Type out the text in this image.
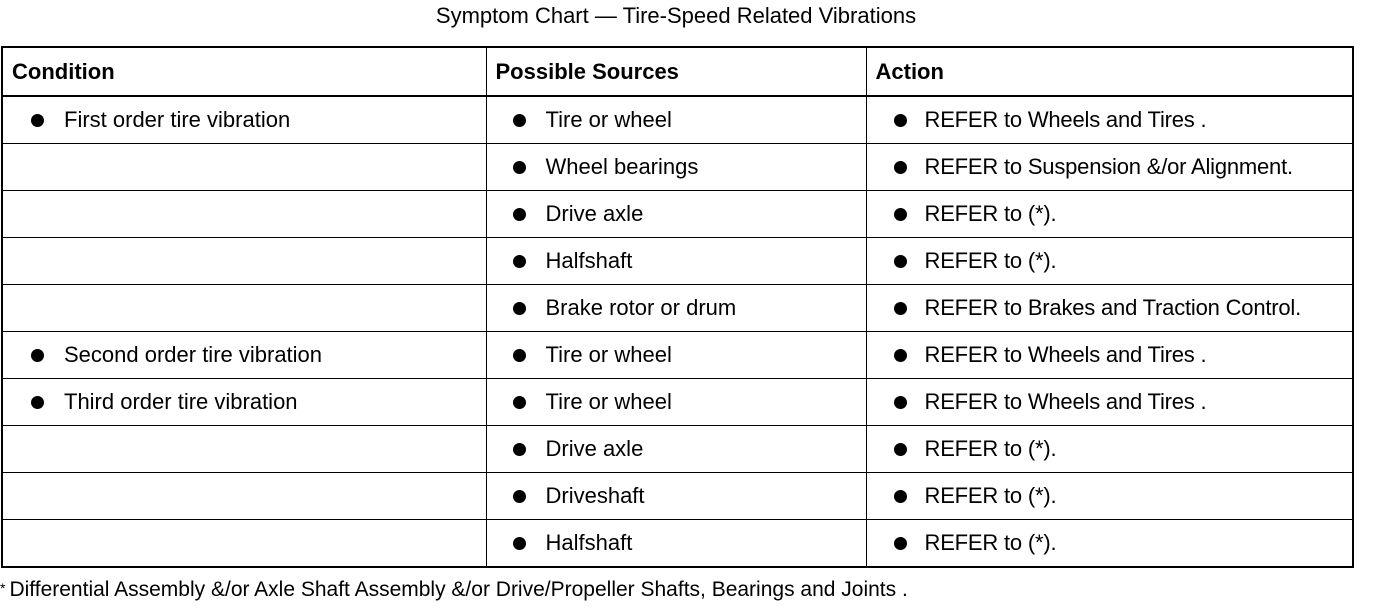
Symptom Chart — Tire-Speed Related Vibrations
Condition	Possible Sources	Action

First order tire vibration	Tire or wheel	REFER to Wheels and Tires .

	Wheel bearings	REFER to Suspension &/or Alignment.

	Drive axle	REFER to (*).

	Halfshaft	REFER to (*).

	Brake rotor or drum	REFER to Brakes and Traction Control.

Second order tire vibration	Tire or wheel	REFER to Wheels and Tires .

Third order tire vibration	Tire or wheel	REFER to Wheels and Tires .

	Drive axle	REFER to (*).

	Driveshaft	REFER to (*).

	Halfshaft	REFER to (*).
* Differential Assembly &/or Axle Shaft Assembly &/or Drive/Propeller Shafts, Bearings and Joints .
